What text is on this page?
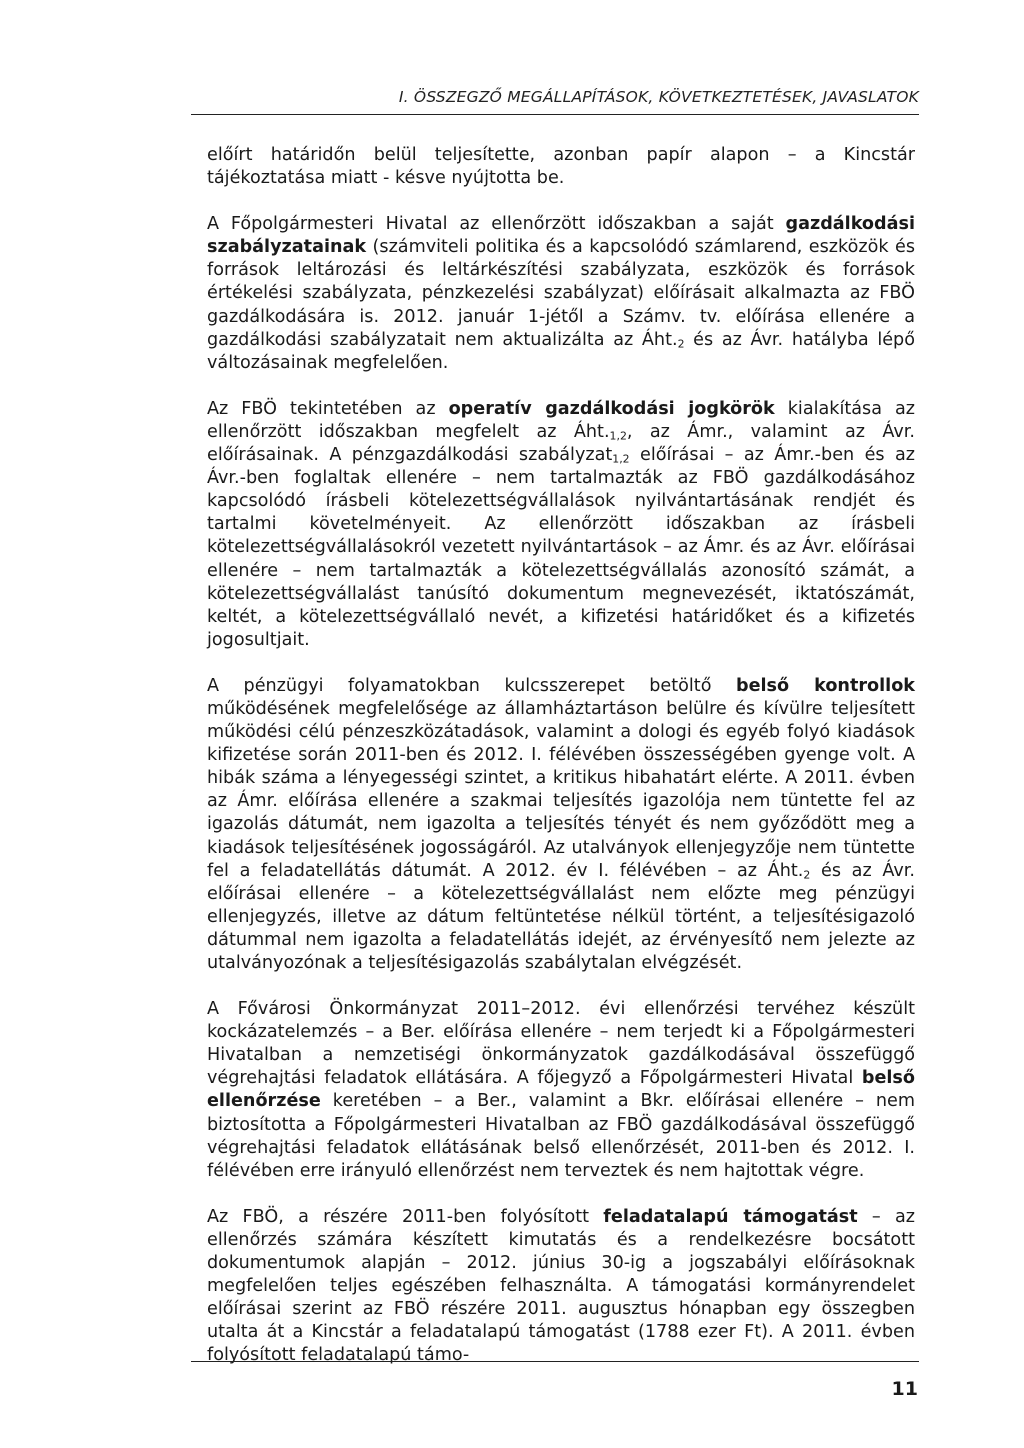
I. ÖSSZEGZŐ MEGÁLLAPÍTÁSOK, KÖVETKEZTETÉSEK, JAVASLATOK

előírt határidőn belül teljesítette, azonban papír alapon – a Kincstár tájékoztatása miatt - késve nyújtotta be.

A Főpolgármesteri Hivatal az ellenőrzött időszakban a saját gazdálkodási szabályzatainak (számviteli politika és a kapcsolódó számlarend, eszközök és források leltározási és leltárkészítési szabályzata, eszközök és források értékelési szabályzata, pénzkezelési szabályzat) előírásait alkalmazta az FBÖ gazdálkodására is. 2012. január 1-jétől a Számv. tv. előírása ellenére a gazdálkodási szabályzatait nem aktualizálta az $Áht._2$ és az Ávr. hatályba lépő változásainak megfelelően.

Az FBÖ tekintetében az operatív gazdálkodási jogkörök kialakítása az ellenőrzött időszakban megfelelt az $Áht._{1,2}$, az Ámr., valamint az Ávr. előírásainak. A pénzgazdálkodási szabályzat$_{1,2}$ előírásai – az Ámr.-ben és az Ávr.-ben foglaltak ellenére – nem tartalmazták az FBÖ gazdálkodásához kapcsolódó írásbeli kötelezettségvállalások nyilvántartásának rendjét és tartalmi követelményeit. Az ellenőrzött időszakban az írásbeli kötelezettségvállalásokról vezetett nyilvántartások – az Ámr. és az Ávr. előírásai ellenére – nem tartalmazták a kötelezettségvállalás azonosító számát, a kötelezettségvállalást tanúsító dokumentum megnevezését, iktatószámát, keltét, a kötelezettségvállaló nevét, a kifizetési határidőket és a kifizetés jogosultjait.

A pénzügyi folyamatokban kulcsszerepet betöltő belső kontrollok működésének megfelelősége az államháztartáson belülre és kívülre teljesített működési célú pénzeszközátadások, valamint a dologi és egyéb folyó kiadások kifizetése során 2011-ben és 2012. I. félévében összességében gyenge volt. A hibák száma a lényegességi szintet, a kritikus hibahatárt elérte. A 2011. évben az Ámr. előírása ellenére a szakmai teljesítés igazolója nem tüntette fel az igazolás dátumát, nem igazolta a teljesítés tényét és nem győződött meg a kiadások teljesítésének jogosságáról. Az utalványok ellenjegyzője nem tüntette fel a feladatellátás dátumát. A 2012. év I. félévében – az $Áht._2$ és az Ávr. előírásai ellenére – a kötelezettségvállalást nem előzte meg pénzügyi ellenjegyzés, illetve az dátum feltüntetése nélkül történt, a teljesítésigazoló dátummal nem igazolta a feladatellátás idejét, az érvényesítő nem jelezte az utalványozónak a teljesítésigazolás szabálytalan elvégzését.

A Fővárosi Önkormányzat 2011–2012. évi ellenőrzési tervéhez készült kockázatelemzés – a Ber. előírása ellenére – nem terjedt ki a Főpolgármesteri Hivatalban a nemzetiségi önkormányzatok gazdálkodásával összefüggő végrehajtási feladatok ellátására. A főjegyző a Főpolgármesteri Hivatal belső ellenőrzése keretében – a Ber., valamint a Bkr. előírásai ellenére – nem biztosította a Főpolgármesteri Hivatalban az FBÖ gazdálkodásával összefüggő végrehajtási feladatok ellátásának belső ellenőrzését, 2011-ben és 2012. I. félévében erre irányuló ellenőrzést nem terveztek és nem hajtottak végre.

Az FBÖ, a részére 2011-ben folyósított feladatalapú támogatást – az ellenőrzés számára készített kimutatás és a rendelkezésre bocsátott dokumentumok alapján – 2012. június 30-ig a jogszabályi előírásoknak megfelelően teljes egészében felhasználta. A támogatási kormányrendelet előírásai szerint az FBÖ részére 2011. augusztus hónapban egy összegben utalta át a Kincstár a feladatalapú támogatást (1788 ezer Ft). A 2011. évben folyósított feladatalapú támo-

11
